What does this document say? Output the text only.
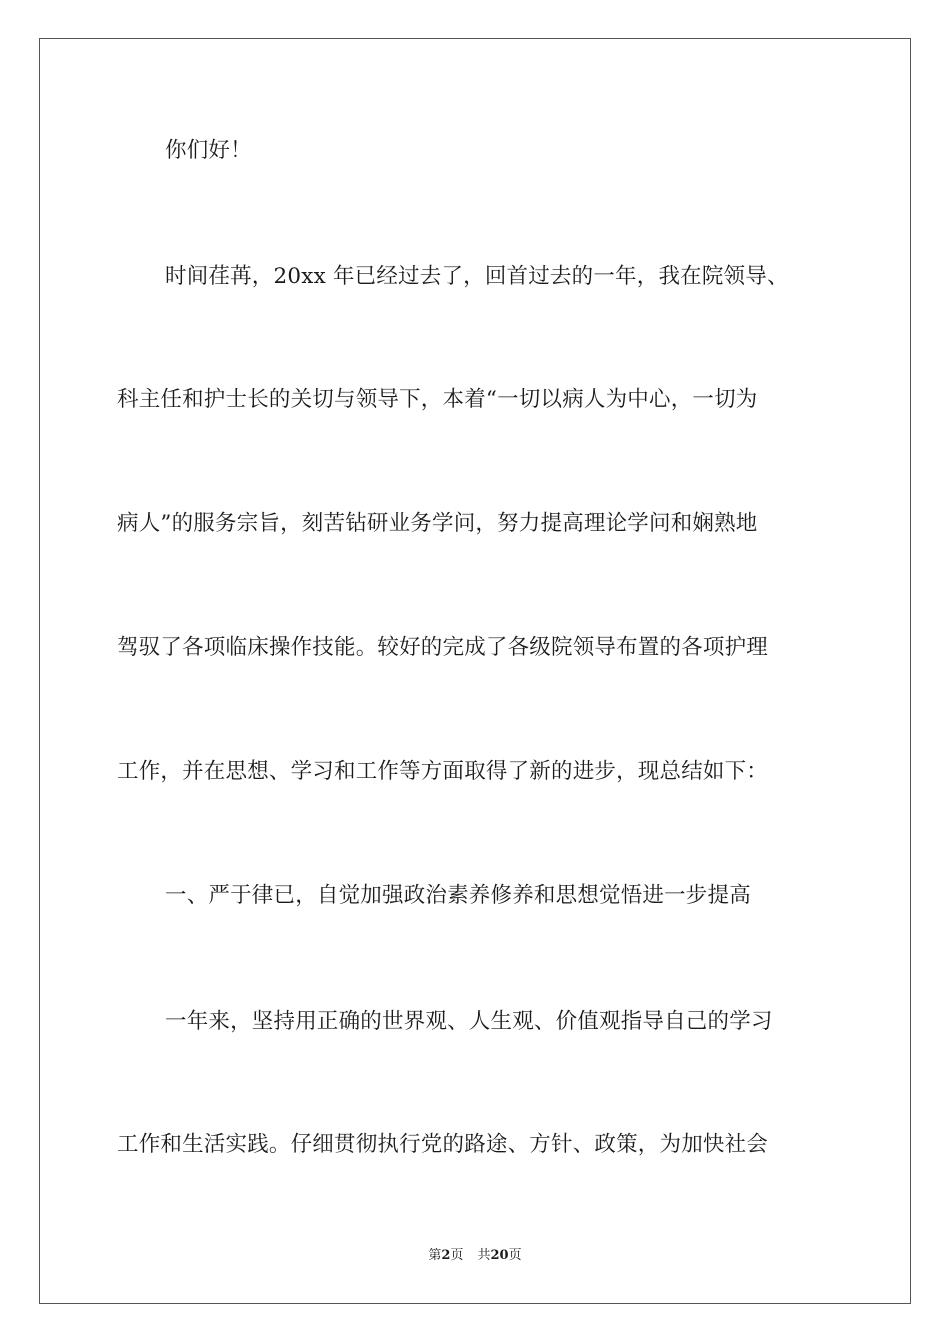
你们好！
时间荏苒，20xx 年已经过去了，回首过去的一年，我在院领导、
科主任和护士长的关切与领导下，本着“一切以病人为中心，一切为
病人”的服务宗旨，刻苦钻研业务学问，努力提高理论学问和娴熟地
驾驭了各项临床操作技能。较好的完成了各级院领导布置的各项护理
工作，并在思想、学习和工作等方面取得了新的进步，现总结如下：
一、严于律已，自觉加强政治素养修养和思想觉悟进一步提高
一年来，坚持用正确的世界观、人生观、价值观指导自己的学习
工作和生活实践。仔细贯彻执行党的路途、方针、政策，为加快社会
第2页 共20页
